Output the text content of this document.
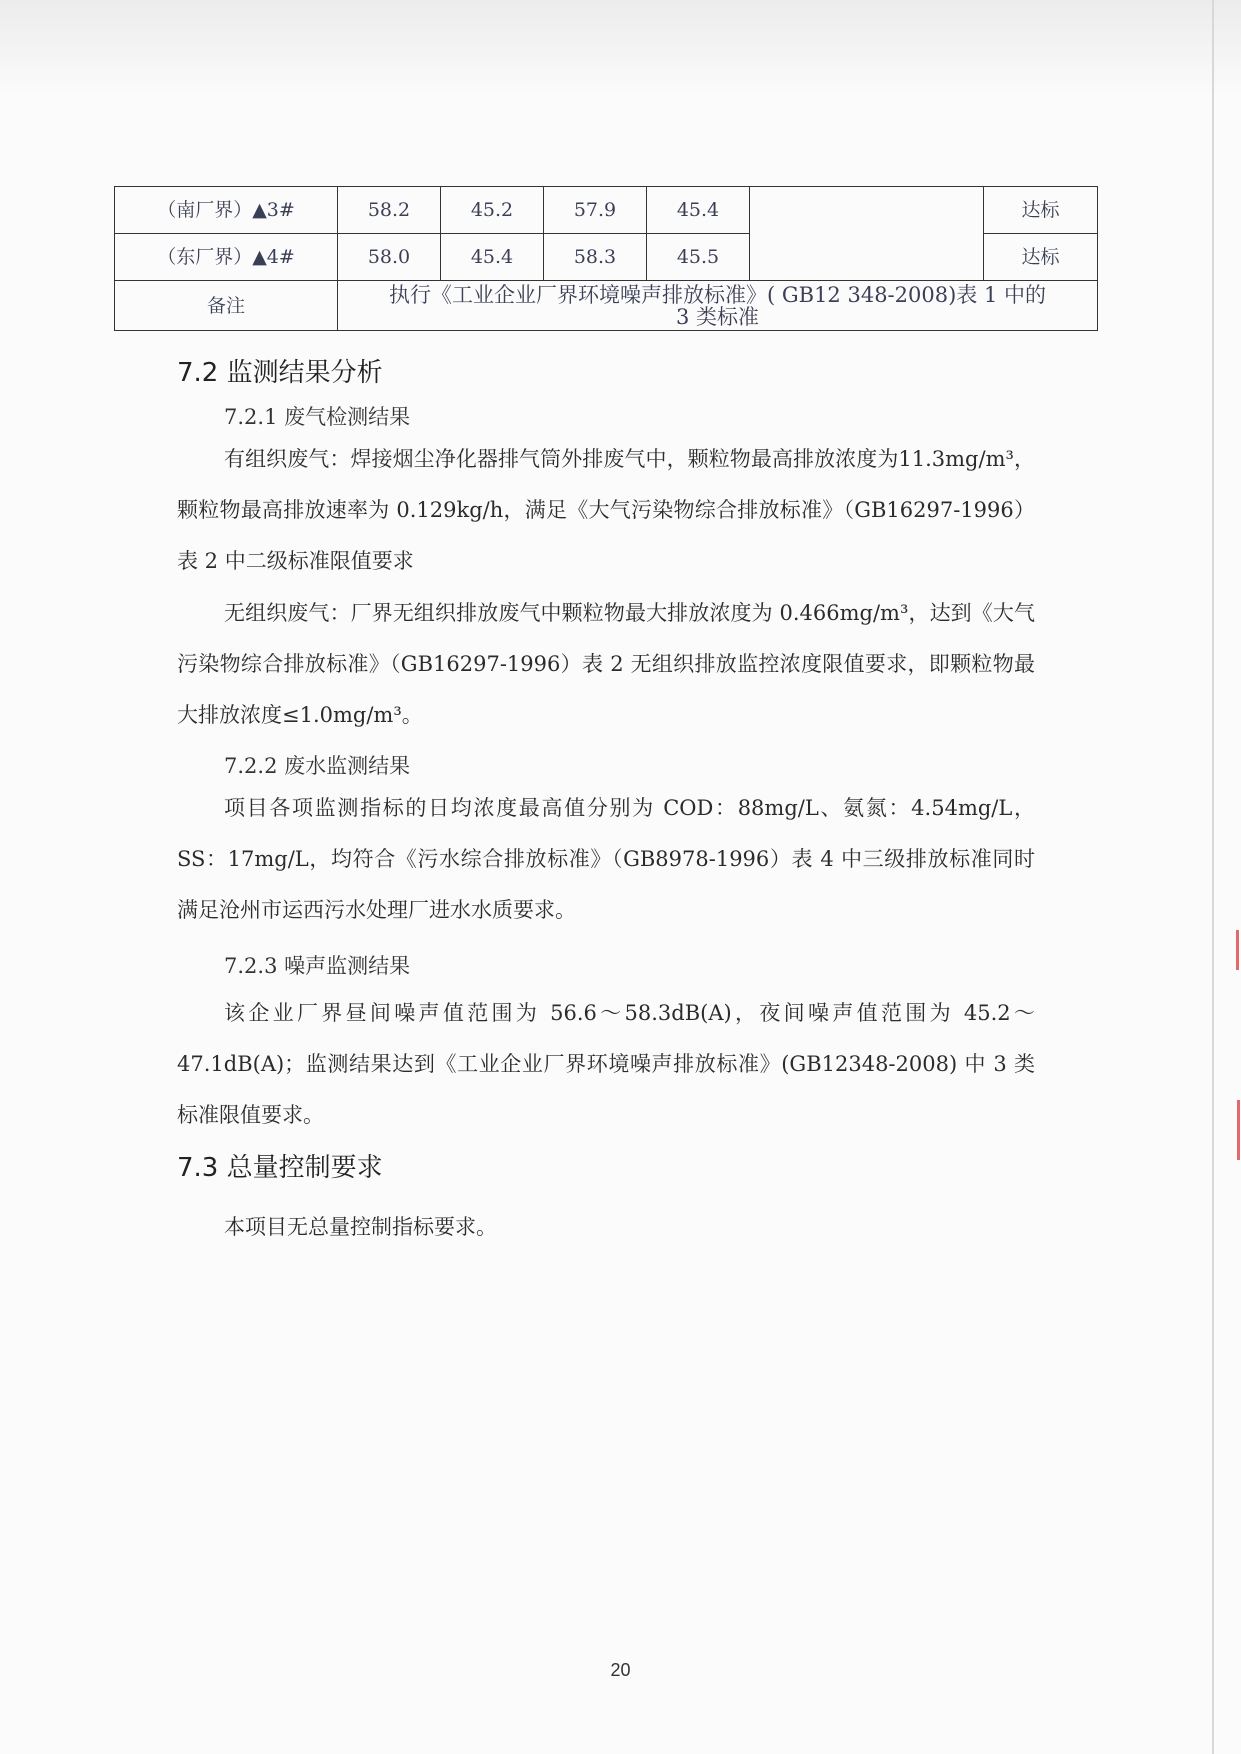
（南厂界）▲3#	58.2	45.2	57.9	45.4		达标
（东厂界）▲4#	58.0	45.4	58.3	45.5		达标
备注	执行《工业企业厂界环境噪声排放标准》( GB12 348-2008)表 1 中的
3 类标准					
7.2 监测结果分析
7.2.1 废气检测结果
有组织废气：焊接烟尘净化器排气筒外排废气中，颗粒物最高排放浓度为11.3mg/m³，颗粒物最高排放速率为 0.129kg/h，满足《大气污染物综合排放标准》（GB16297-1996）表 2 中二级标准限值要求
无组织废气：厂界无组织排放废气中颗粒物最大排放浓度为 0.466mg/m³，达到《大气污染物综合排放标准》（GB16297-1996）表 2 无组织排放监控浓度限值要求，即颗粒物最大排放浓度≤1.0mg/m³。
7.2.2 废水监测结果
项目各项监测指标的日均浓度最高值分别为 COD：88mg/L、氨氮：4.54mg/L，SS：17mg/L，均符合《污水综合排放标准》（GB8978-1996）表 4 中三级排放标准同时满足沧州市运西污水处理厂进水水质要求。
7.2.3 噪声监测结果
该企业厂界昼间噪声值范围为 56.6～58.3dB(A)，夜间噪声值范围为 45.2～47.1dB(A)；监测结果达到《工业企业厂界环境噪声排放标准》(GB12348-2008) 中 3 类标准限值要求。
7.3 总量控制要求
本项目无总量控制指标要求。
20
